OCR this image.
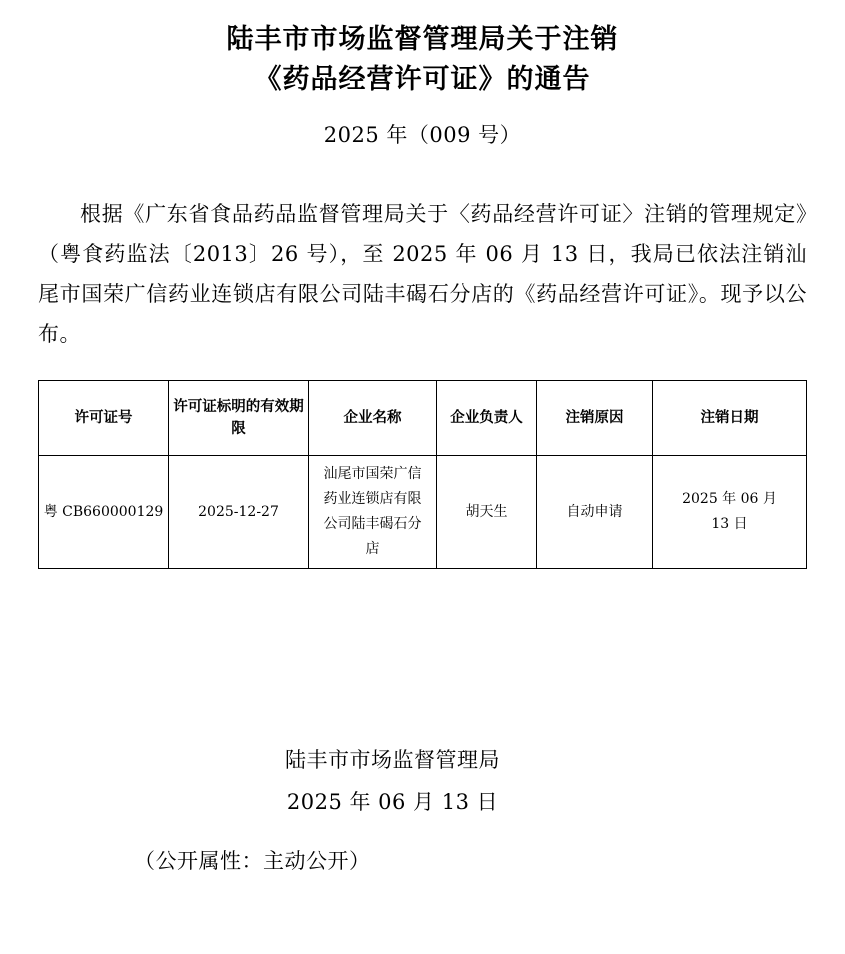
陆丰市市场监督管理局关于注销
《药品经营许可证》的通告
2025 年（009 号）
根据《广东省食品药品监督管理局关于〈药品经营许可证〉注销的管理规定》（粤食药监法〔2013〕26 号），至 2025 年 06 月 13 日，我局已依法注销汕尾市国荣广信药业连锁店有限公司陆丰碣石分店的《药品经营许可证》。现予以公布。
许可证号	许可证标明的有效期限	企业名称	企业负责人	注销原因	注销日期
粤 CB660000129	2025-12-27	汕尾市国荣广信药业连锁店有限公司陆丰碣石分店	胡天生	自动申请	2025 年 06 月 13 日
陆丰市市场监督管理局
2025 年 06 月 13 日
（公开属性：主动公开）
